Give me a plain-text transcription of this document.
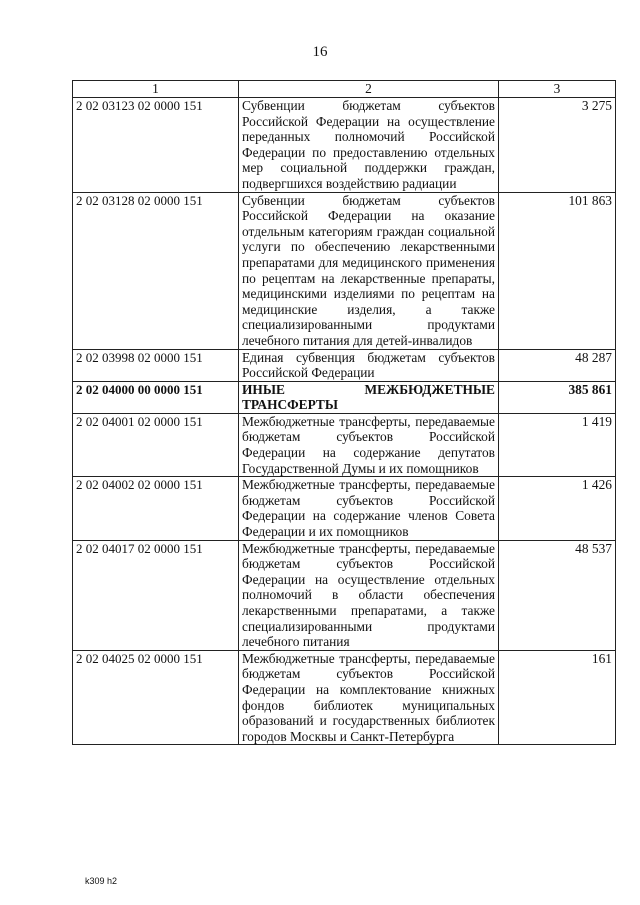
16
1	2	3
2 02 03123 02 0000 151	Субвенции бюджетам субъектов Российской Федерации на осуществление переданных полномочий Российской Федерации по предоставлению отдельных мер социальной поддержки граждан, подвергшихся воздействию радиации	3 275
2 02 03128 02 0000 151	Субвенции бюджетам субъектов Российской Федерации на оказание отдельным категориям граждан социальной услуги по обеспечению лекарственными препаратами для медицинского применения по рецептам на лекарственные препараты, медицинскими изделиями по рецептам на медицинские изделия, а также специализированными продуктами лечебного питания для детей-инвалидов	101 863
2 02 03998 02 0000 151	Единая субвенция бюджетам субъектов Российской Федерации	48 287
2 02 04000 00 0000 151	ИНЫЕ МЕЖБЮДЖЕТНЫЕ ТРАНСФЕРТЫ	385 861
2 02 04001 02 0000 151	Межбюджетные трансферты, передаваемые бюджетам субъектов Российской Федерации на содержание депутатов Государственной Думы и их помощников	1 419
2 02 04002 02 0000 151	Межбюджетные трансферты, передаваемые бюджетам субъектов Российской Федерации на содержание членов Совета Федерации и их помощников	1 426
2 02 04017 02 0000 151	Межбюджетные трансферты, передаваемые бюджетам субъектов Российской Федерации на осуществление отдельных полномочий в области обеспечения лекарственными препаратами, а также специализированными продуктами лечебного питания	48 537
2 02 04025 02 0000 151	Межбюджетные трансферты, передаваемые бюджетам субъектов Российской Федерации на комплектование книжных фондов библиотек муниципальных образований и государственных библиотек городов Москвы и Санкт-Петербурга	161
k309 h2
